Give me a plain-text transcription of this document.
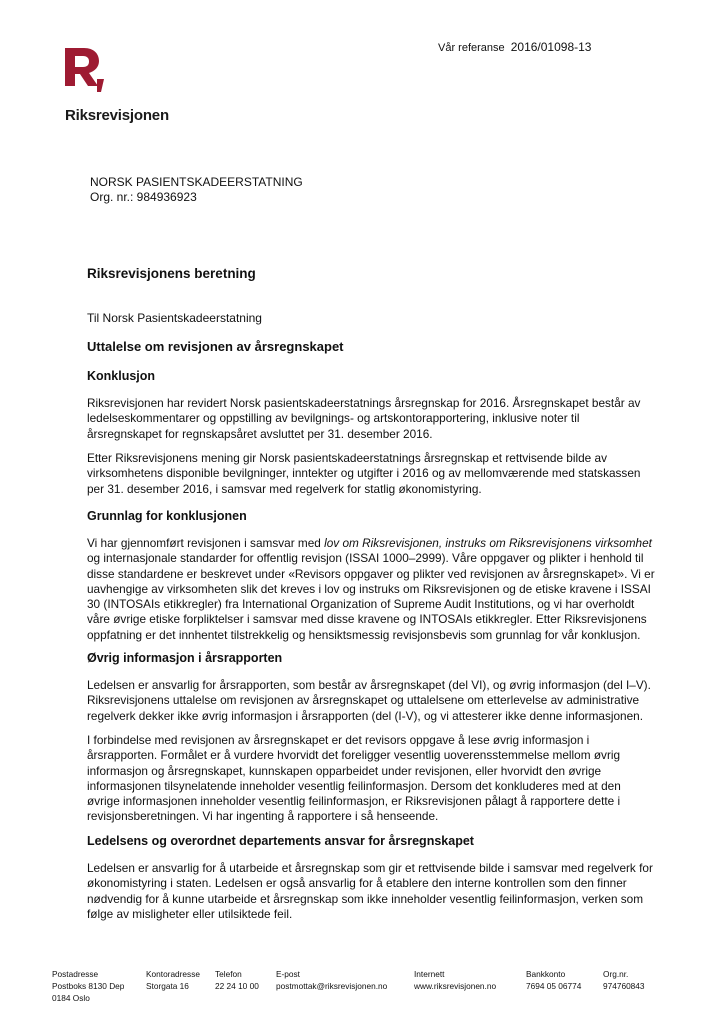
Vår referanse 2016/01098-13
Riksrevisjonen
NORSK PASIENTSKADEERSTATNING
Org. nr.: 984936923
Riksrevisjonens beretning
Til Norsk Pasientskadeerstatning
Uttalelse om revisjonen av årsregnskapet
Konklusjon
Riksrevisjonen har revidert Norsk pasientskadeerstatnings årsregnskap for 2016. Årsregnskapet består av
ledelseskommentarer og oppstilling av bevilgnings- og artskontorapportering, inklusive noter til
årsregnskapet for regnskapsåret avsluttet per 31. desember 2016.
Etter Riksrevisjonens mening gir Norsk pasientskadeerstatnings årsregnskap et rettvisende bilde av
virksomhetens disponible bevilgninger, inntekter og utgifter i 2016 og av mellomværende med statskassen
per 31. desember 2016, i samsvar med regelverk for statlig økonomistyring.
Grunnlag for konklusjonen
Vi har gjennomført revisjonen i samsvar med lov om Riksrevisjonen, instruks om Riksrevisjonens virksomhet
og internasjonale standarder for offentlig revisjon (ISSAI 1000–2999). Våre oppgaver og plikter i henhold til
disse standardene er beskrevet under «Revisors oppgaver og plikter ved revisjonen av årsregnskapet». Vi er
uavhengige av virksomheten slik det kreves i lov og instruks om Riksrevisjonen og de etiske kravene i ISSAI
30 (INTOSAIs etikkregler) fra International Organization of Supreme Audit Institutions, og vi har overholdt
våre øvrige etiske forpliktelser i samsvar med disse kravene og INTOSAIs etikkregler. Etter Riksrevisjonens
oppfatning er det innhentet tilstrekkelig og hensiktsmessig revisjonsbevis som grunnlag for vår konklusjon.
Øvrig informasjon i årsrapporten
Ledelsen er ansvarlig for årsrapporten, som består av årsregnskapet (del VI), og øvrig informasjon (del I–V).
Riksrevisjonens uttalelse om revisjonen av årsregnskapet og uttalelsene om etterlevelse av administrative
regelverk dekker ikke øvrig informasjon i årsrapporten (del (I-V), og vi attesterer ikke denne informasjonen.
I forbindelse med revisjonen av årsregnskapet er det revisors oppgave å lese øvrig informasjon i
årsrapporten. Formålet er å vurdere hvorvidt det foreligger vesentlig uoverensstemmelse mellom øvrig
informasjon og årsregnskapet, kunnskapen opparbeidet under revisjonen, eller hvorvidt den øvrige
informasjonen tilsynelatende inneholder vesentlig feilinformasjon. Dersom det konkluderes med at den
øvrige informasjonen inneholder vesentlig feilinformasjon, er Riksrevisjonen pålagt å rapportere dette i
revisjonsberetningen. Vi har ingenting å rapportere i så henseende.
Ledelsens og overordnet departements ansvar for årsregnskapet
Ledelsen er ansvarlig for å utarbeide et årsregnskap som gir et rettvisende bilde i samsvar med regelverk for
økonomistyring i staten. Ledelsen er også ansvarlig for å etablere den interne kontrollen som den finner
nødvendig for å kunne utarbeide et årsregnskap som ikke inneholder vesentlig feilinformasjon, verken som
følge av misligheter eller utilsiktede feil.
Postadresse
Postboks 8130 Dep
0184 Oslo
Kontoradresse
Storgata 16
Telefon
22 24 10 00
E-post
postmottak@riksrevisjonen.no
Internett
www.riksrevisjonen.no
Bankkonto
7694 05 06774
Org.nr.
974760843
